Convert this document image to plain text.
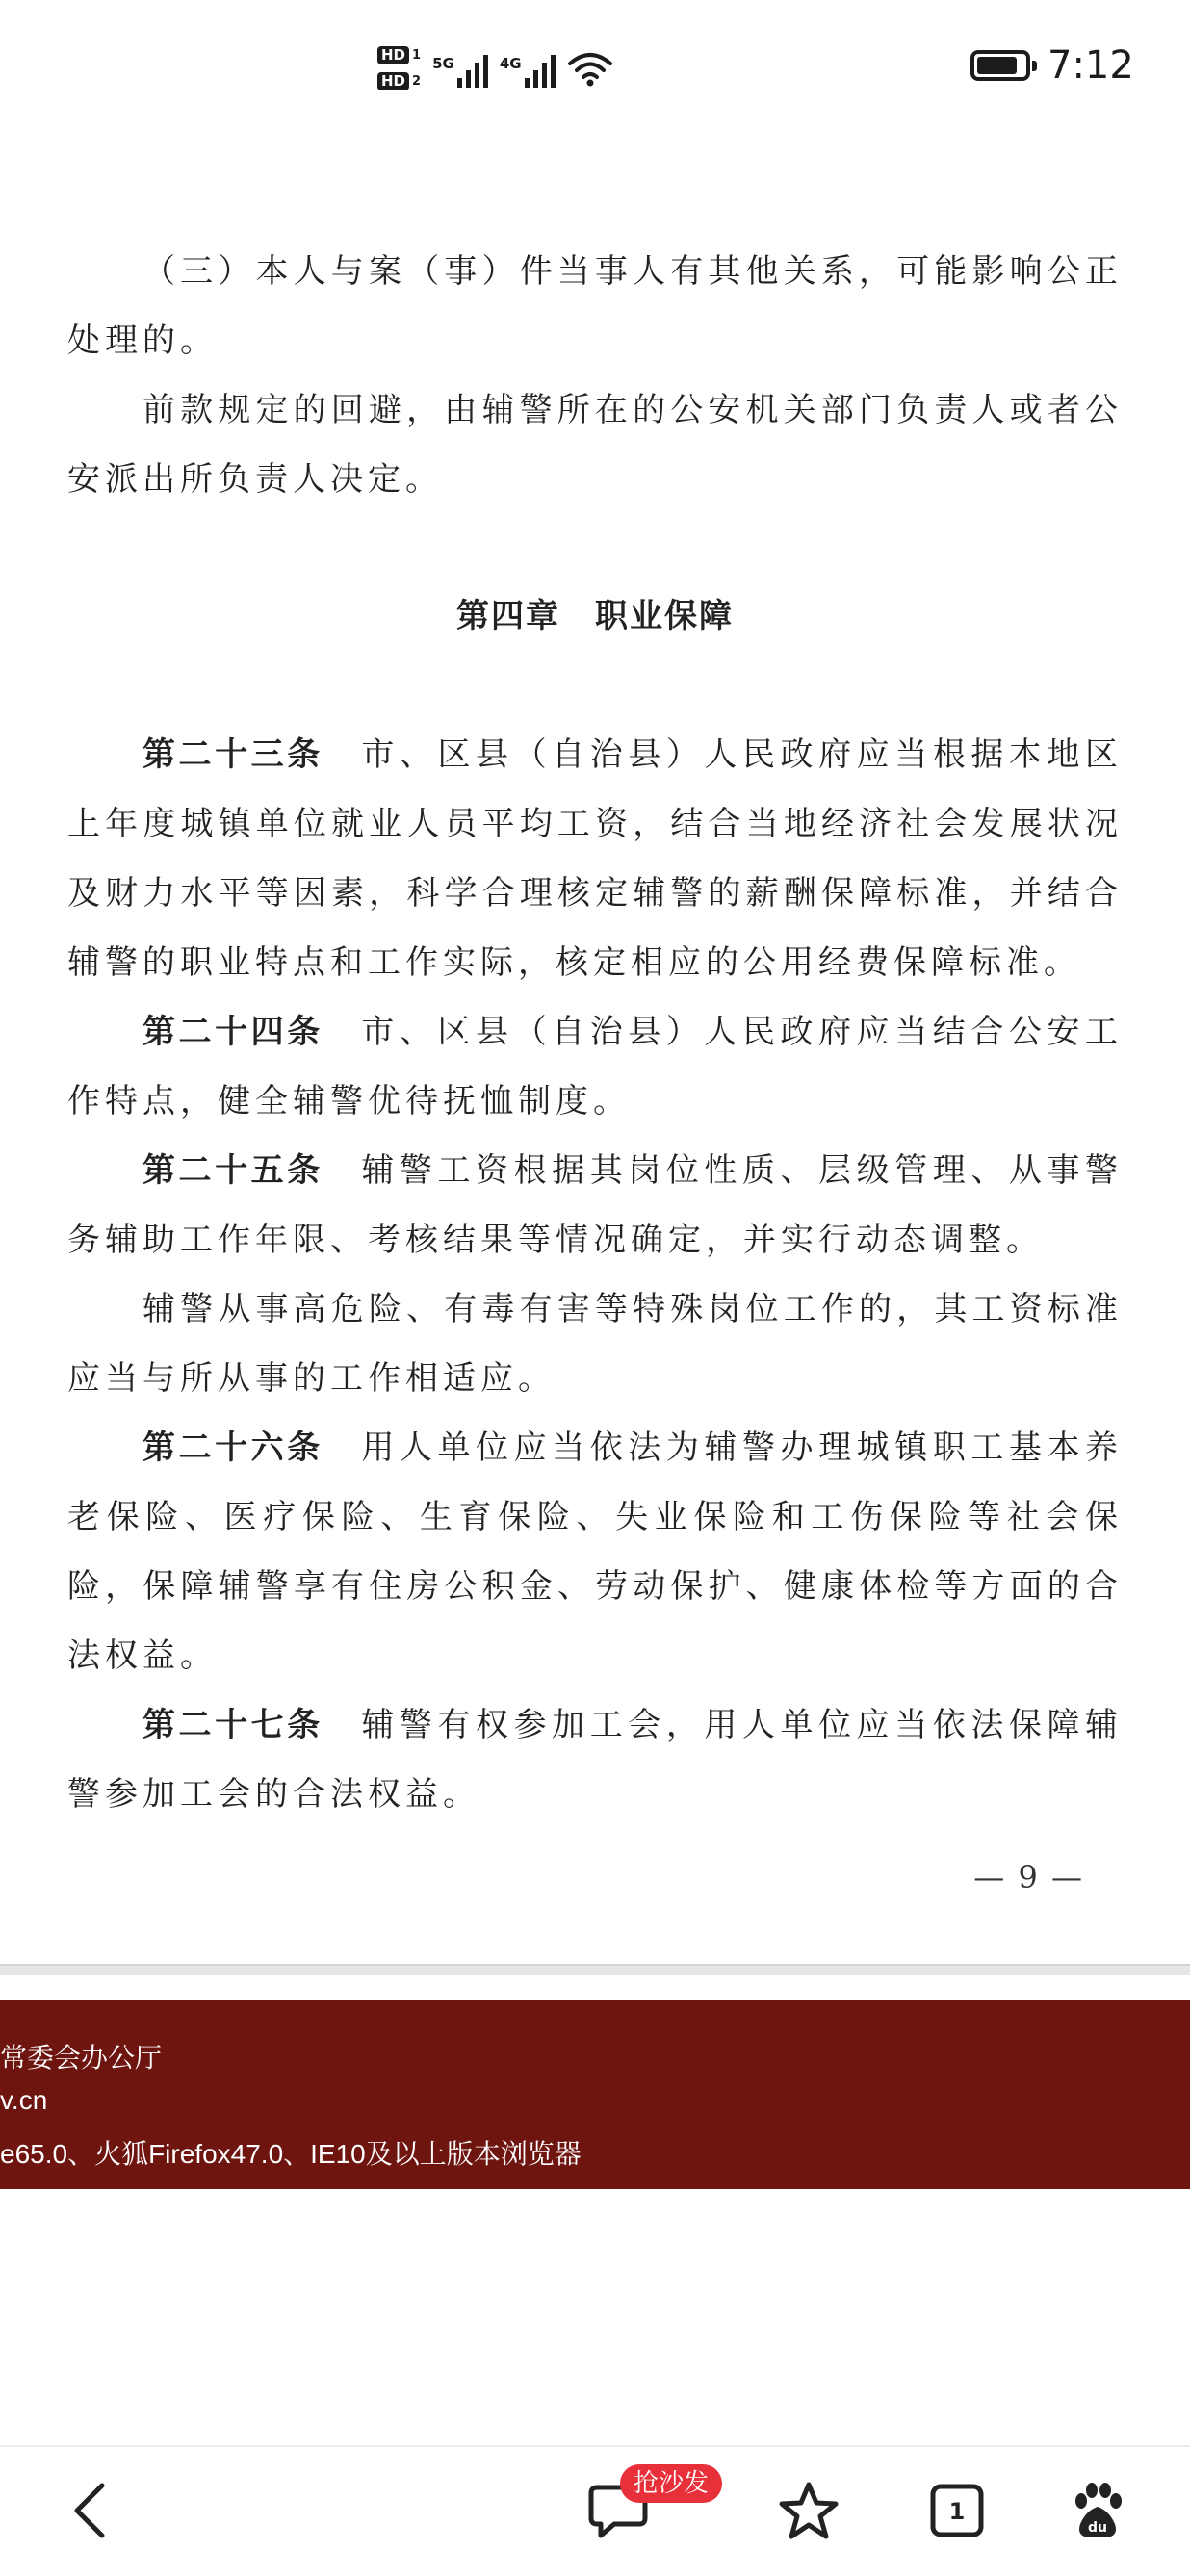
HD 1
HD 2
5G	4G	7:12

（三）本人与案（事）件当事人有其他关系，可能影响公正处理的。

前款规定的回避，由辅警所在的公安机关部门负责人或者公安派出所负责人决定。

第四章　职业保障

第二十三条　 市、区县（自治县）人民政府应当根据本地区上年度城镇单位就业人员平均工资，结合当地经济社会发展状况及财力水平等因素，科学合理核定辅警的薪酬保障标准，并结合辅警的职业特点和工作实际，核定相应的公用经费保障标准。

第二十四条　 市、区县（自治县）人民政府应当结合公安工作特点，健全辅警优待抚恤制度。

第二十五条　 辅警工资根据其岗位性质、层级管理、从事警务辅助工作年限、考核结果等情况确定，并实行动态调整。

辅警从事高危险、有毒有害等特殊岗位工作的，其工资标准应当与所从事的工作相适应。

第二十六条　 用人单位应当依法为辅警办理城镇职工基本养老保险、医疗保险、生育保险、失业保险和工伤保险等社会保险，保障辅警享有住房公积金、劳动保护、健康体检等方面的合法权益。

第二十七条　 辅警有权参加工会，用人单位应当依法保障辅警参加工会的合法权益。

— 9 —

常委会办公厅
v.cn
e65.0、火狐Firefox47.0、IE10及以上版本浏览器
抢沙发
1
du
